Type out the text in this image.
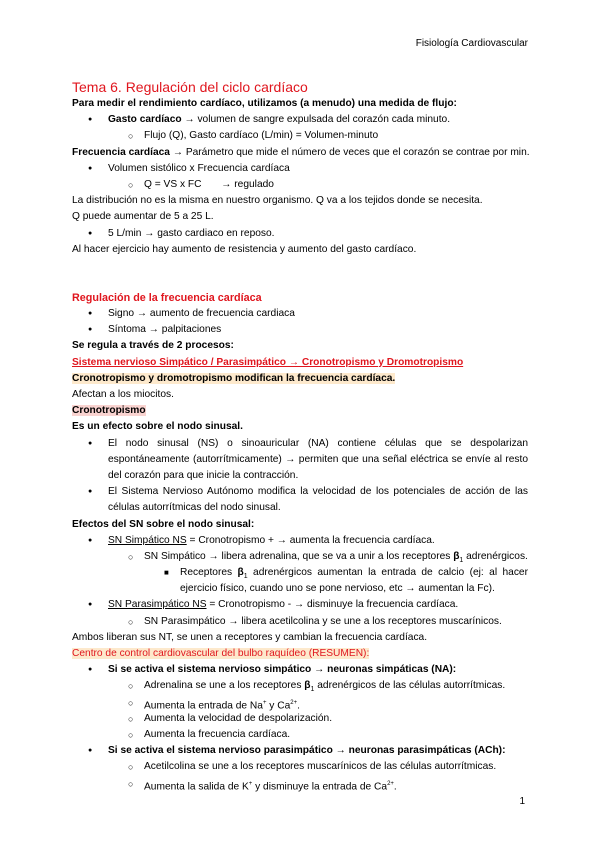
Fisiología Cardiovascular
Tema 6. Regulación del ciclo cardíaco
Para medir el rendimiento cardíaco, utilizamos (a menudo) una medida de flujo:
● Gasto cardíaco → volumen de sangre expulsada del corazón cada minuto.
○ Flujo (Q), Gasto cardíaco (L/min) = Volumen-minuto
Frecuencia cardíaca → Parámetro que mide el número de veces que el corazón se contrae por min.
● Volumen sistólico x Frecuencia cardíaca
○ Q = VS x FC       → regulado
La distribución no es la misma en nuestro organismo. Q va a los tejidos donde se necesita.
Q puede aumentar de 5 a 25 L.
● 5 L/min → gasto cardiaco en reposo.
Al hacer ejercicio hay aumento de resistencia y aumento del gasto cardíaco.
Regulación de la frecuencia cardíaca
● Signo → aumento de frecuencia cardiaca
● Síntoma → palpitaciones
Se regula a través de 2 procesos:
Sistema nervioso Simpático / Parasimpático → Cronotropismo y Dromotropismo
Cronotropismo y dromotropismo modifican la frecuencia cardíaca.
Afectan a los miocitos.
Cronotropismo
Es un efecto sobre el nodo sinusal.
● El nodo sinusal (NS) o sinoauricular (NA) contiene células que se despolarizan
espontáneamente (autorrítmicamente) → permiten que una señal eléctrica se envíe al resto
del corazón para que inicie la contracción.
● El Sistema Nervioso Autónomo modifica la velocidad de los potenciales de acción de las
células autorrítmicas del nodo sinusal.
Efectos del SN sobre el nodo sinusal:
● SN Simpático NS = Cronotropismo + → aumenta la frecuencia cardíaca.
○ SN Simpático → libera adrenalina, que se va a unir a los receptores $\beta_1$ adrenérgicos.
■ Receptores $\beta_1$ adrenérgicos aumentan la entrada de calcio (ej: al hacer
ejercicio físico, cuando uno se pone nervioso, etc → aumentan la Fc).
● SN Parasimpático NS = Cronotropismo - → disminuye la frecuencia cardíaca.
○ SN Parasimpático → libera acetilcolina y se une a los receptores muscarínicos.
Ambos liberan sus NT, se unen a receptores y cambian la frecuencia cardíaca.
Centro de control cardiovascular del bulbo raquídeo (RESUMEN):
● Si se activa el sistema nervioso simpático → neuronas simpáticas (NA):
○ Adrenalina se une a los receptores $\beta_1$ adrenérgicos de las células autorrítmicas.
○ Aumenta la entrada de Na+ y $Ca^{2+}$.
○ Aumenta la velocidad de despolarización.
○ Aumenta la frecuencia cardíaca.
● Si se activa el sistema nervioso parasimpático → neuronas parasimpáticas (ACh):
○ Acetilcolina se une a los receptores muscarínicos de las células autorrítmicas.
○ Aumenta la salida de K+ y disminuye la entrada de $Ca^{2+}$.
1
